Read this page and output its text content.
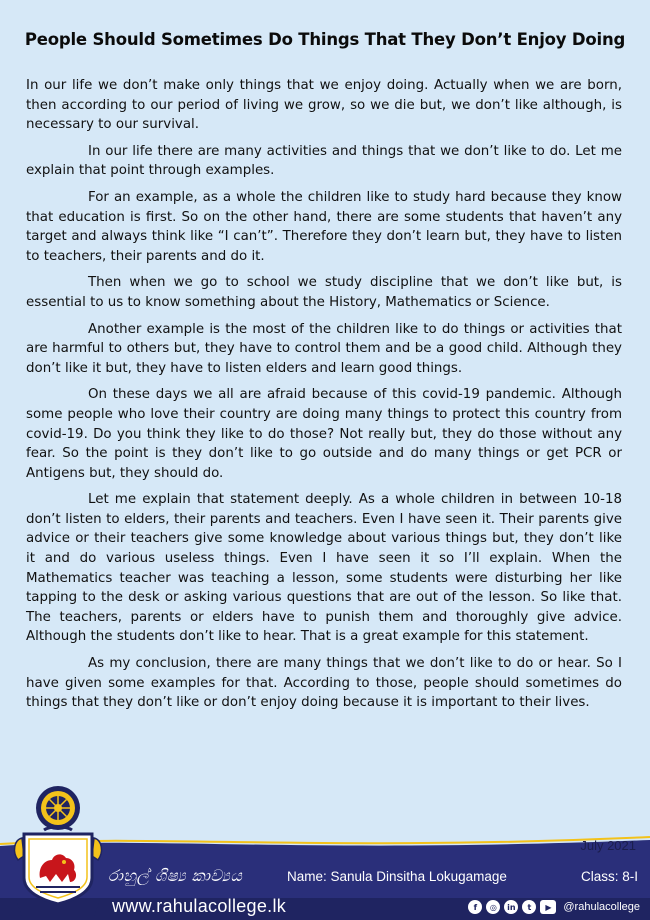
People Should Sometimes Do Things That They Don’t Enjoy Doing

In our life we don’t make only things that we enjoy doing. Actually when we are born, then according to our period of living we grow, so we die but, we don’t like although, is necessary to our survival.

In our life there are many activities and things that we don’t like to do. Let me explain that point through examples.

For an example, as a whole the children like to study hard because they know that education is first. So on the other hand, there are some students that haven’t any target and always think like “I can’t”. Therefore they don’t learn but, they have to listen to teachers, their parents and do it.

Then when we go to school we study discipline that we don’t like but, is essential to us to know something about the History, Mathematics or Science.

Another example is the most of the children like to do things or activities that are harmful to others but, they have to control them and be a good child. Although they don’t like it but, they have to listen elders and learn good things.

On these days we all are afraid because of this covid-19 pandemic. Although some people who love their country are doing many things to protect this country from covid-19. Do you think they like to do those? Not really but, they do those without any fear. So the point is they don’t like to go outside and do many things or get PCR or Antigens but, they should do.

Let me explain that statement deeply. As a whole children in between 10-18 don’t listen to elders, their parents and teachers. Even I have seen it. Their parents give advice or their teachers give some knowledge about various things but, they don’t like it and do various useless things. Even I have seen it so I’ll explain. When the Mathematics teacher was teaching a lesson, some students were disturbing her like tapping to the desk or asking various questions that are out of the lesson. So like that. The teachers, parents or elders have to punish them and thoroughly give advice. Although the students don’t like to hear. That is a great example for this statement.

As my conclusion, there are many things that we don’t like to do or hear. So I have given some examples for that. According to those, people should sometimes do things that they don’t like or don’t enjoy doing because it is important to their lives.

July 2021
රාහුල් ශිෂ්‍ය කාව්‍යය	Name: Sanula Dinsitha Lokugamage	Class: 8-I
www.rahulacollege.lk	f	◎	in	t	▶	@rahulacollege
